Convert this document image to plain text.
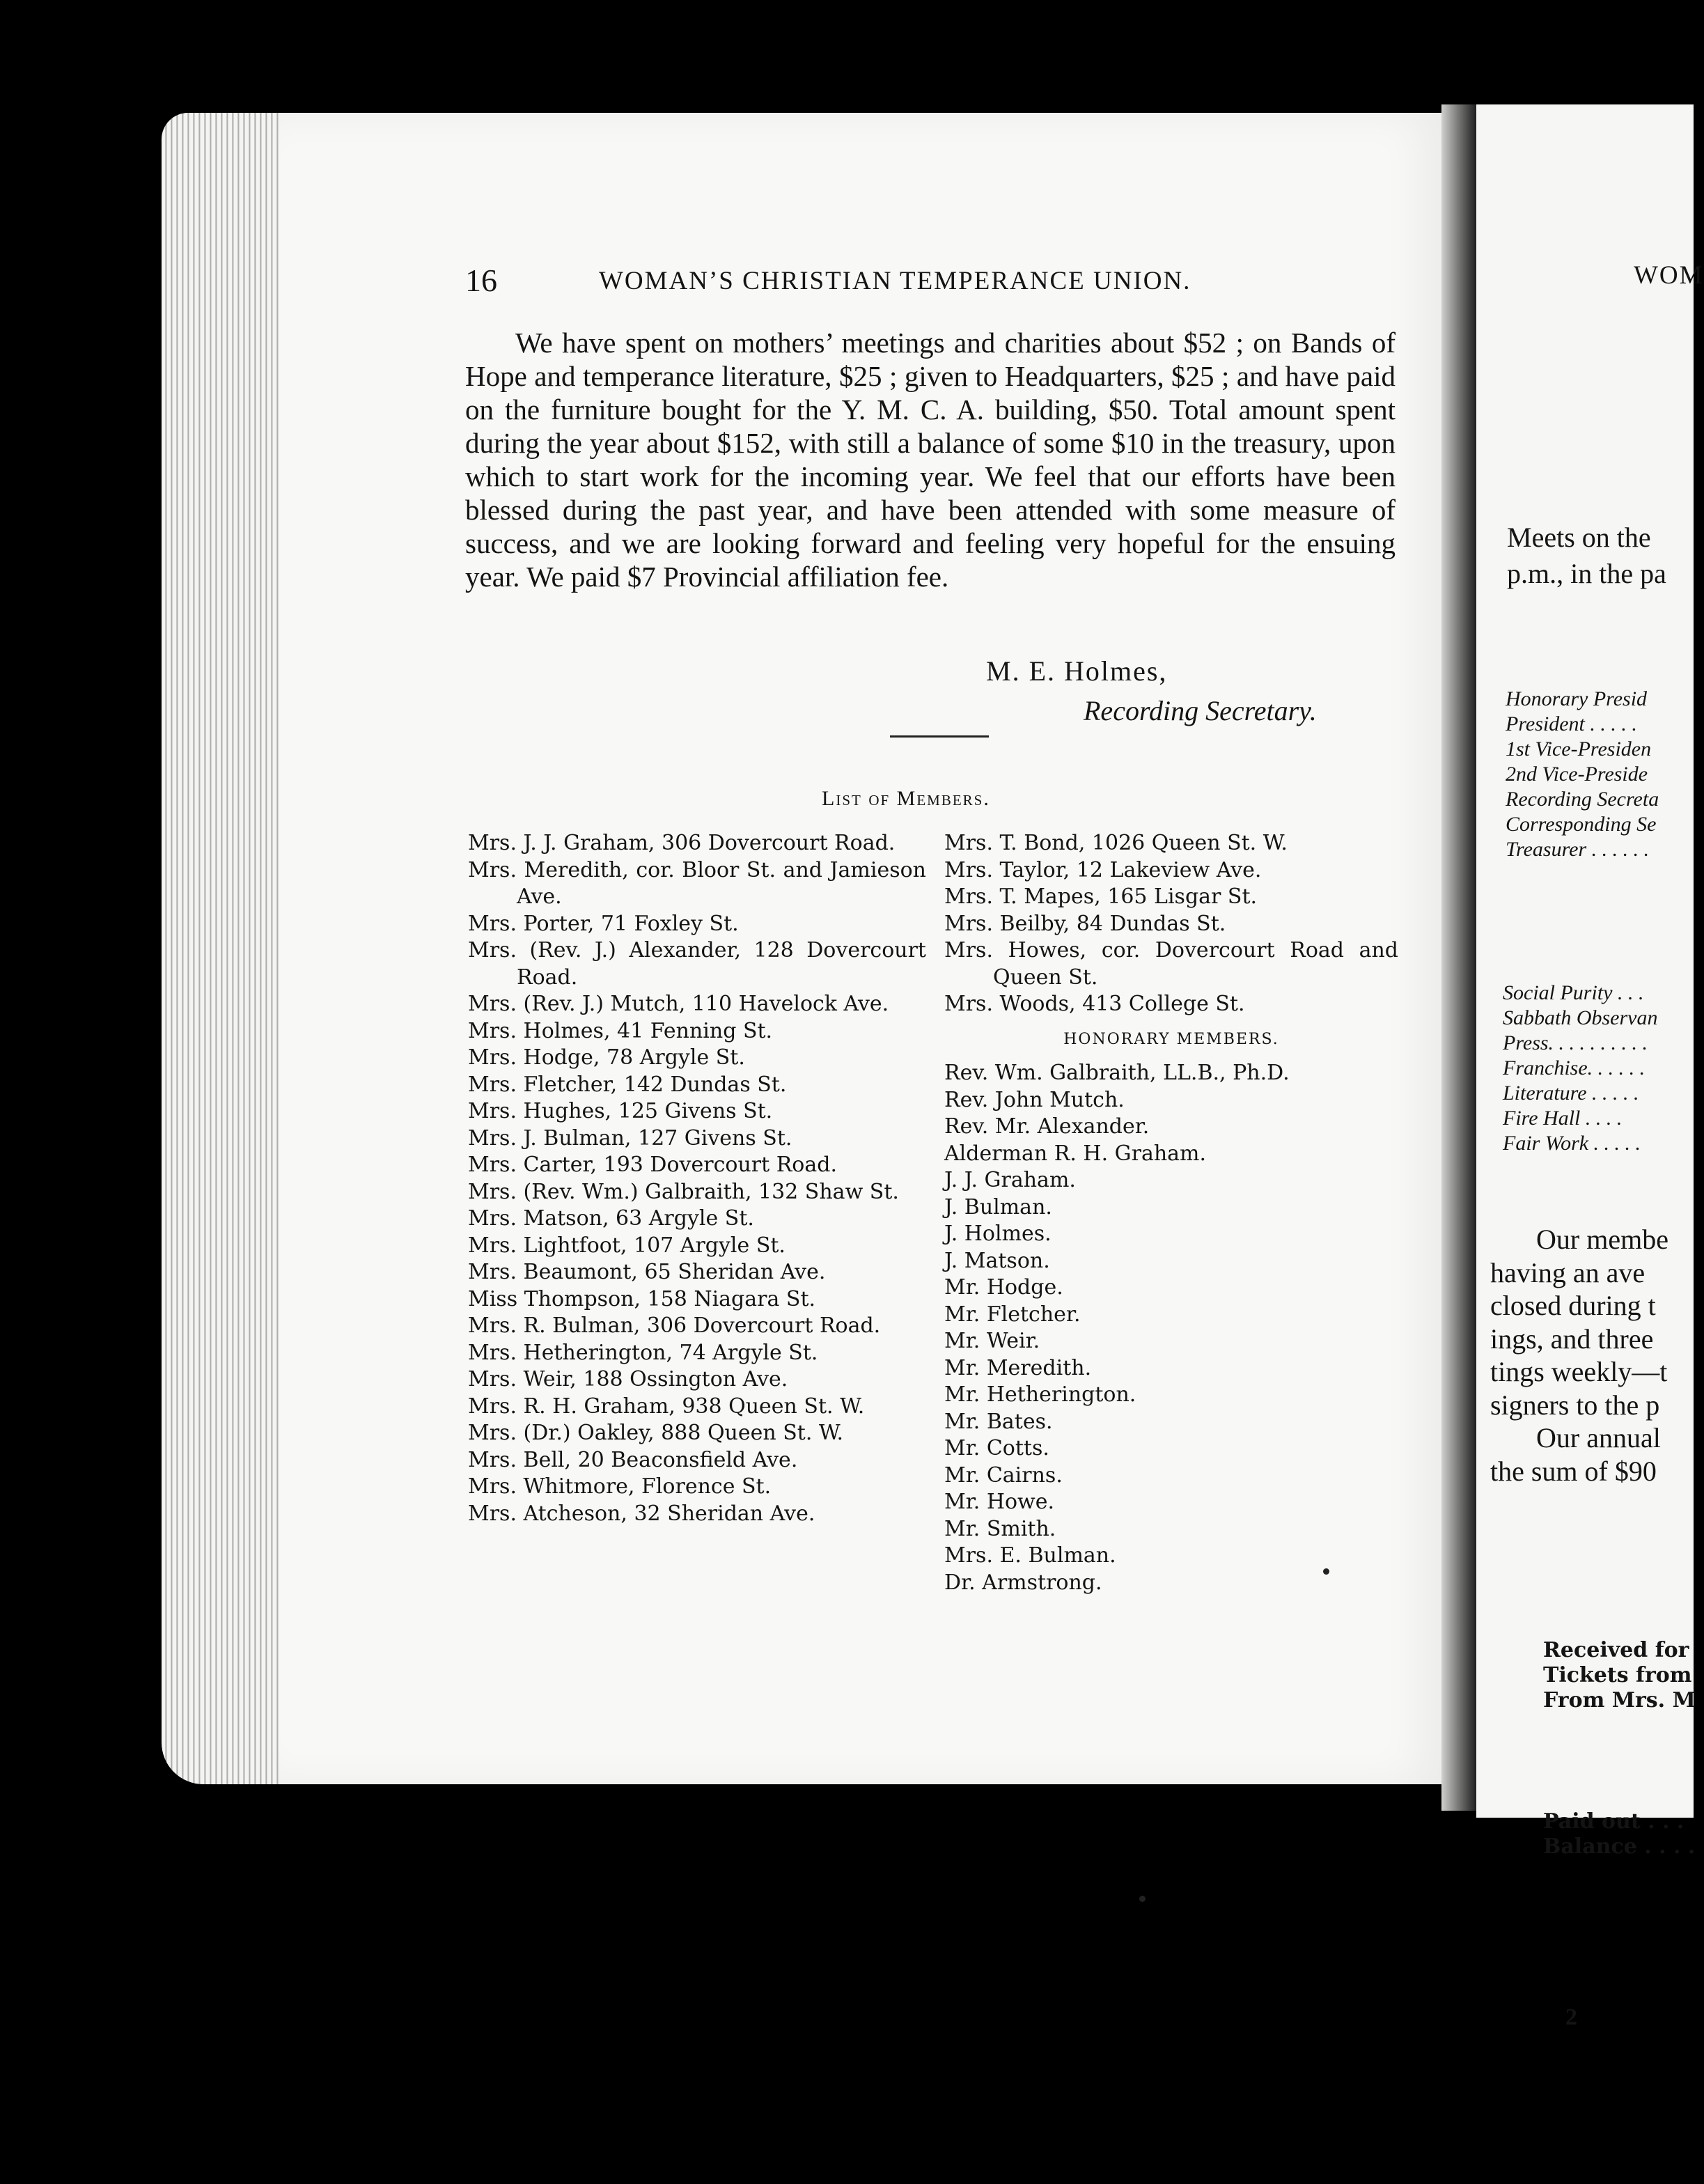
16	WOMAN’S CHRISTIAN TEMPERANCE UNION.
We have spent on mothers’ meetings and charities about $52 ; on Bands of Hope and temperance literature, $25 ; given to Headquarters, $25 ; and have paid on the furniture bought for the Y. M. C. A. building, $50. Total amount spent during the year about $152, with still a balance of some $10 in the treasury, upon which to start work for the incoming year. We feel that our efforts have been blessed during the past year, and have been attended with some measure of success, and we are looking forward and feeling very hopeful for the ensuing year. We paid $7 Provincial affiliation fee.
M. E. Holmes,
Recording Secretary.
List of Members.
Mrs. J. J. Graham, 306 Dovercourt Road.
Mrs. Meredith, cor. Bloor St. and Jamieson Ave.
Mrs. Porter, 71 Foxley St.
Mrs. (Rev. J.) Alexander, 128 Dovercourt Road.
Mrs. (Rev. J.) Mutch, 110 Havelock Ave.
Mrs. Holmes, 41 Fenning St.
Mrs. Hodge, 78 Argyle St.
Mrs. Fletcher, 142 Dundas St.
Mrs. Hughes, 125 Givens St.
Mrs. J. Bulman, 127 Givens St.
Mrs. Carter, 193 Dovercourt Road.
Mrs. (Rev. Wm.) Galbraith, 132 Shaw St.
Mrs. Matson, 63 Argyle St.
Mrs. Lightfoot, 107 Argyle St.
Mrs. Beaumont, 65 Sheridan Ave.
Miss Thompson, 158 Niagara St.
Mrs. R. Bulman, 306 Dovercourt Road.
Mrs. Hetherington, 74 Argyle St.
Mrs. Weir, 188 Ossington Ave.
Mrs. R. H. Graham, 938 Queen St. W.
Mrs. (Dr.) Oakley, 888 Queen St. W.
Mrs. Bell, 20 Beaconsfield Ave.
Mrs. Whitmore, Florence St.
Mrs. Atcheson, 32 Sheridan Ave.
Mrs. T. Bond, 1026 Queen St. W.
Mrs. Taylor, 12 Lakeview Ave.
Mrs. T. Mapes, 165 Lisgar St.
Mrs. Beilby, 84 Dundas St.
Mrs. Howes, cor. Dovercourt Road and Queen St.
Mrs. Woods, 413 College St.
HONORARY MEMBERS.
Rev. Wm. Galbraith, LL.B., Ph.D.
Rev. John Mutch.
Rev. Mr. Alexander.
Alderman R. H. Graham.
J. J. Graham.
J. Bulman.
J. Holmes.
J. Matson.
Mr. Hodge.
Mr. Fletcher.
Mr. Weir.
Mr. Meredith.
Mr. Hetherington.
Mr. Bates.
Mr. Cotts.
Mr. Cairns.
Mr. Howe.
Mr. Smith.
Mrs. E. Bulman.
Dr. Armstrong.
WOM
Meets on the
p.m., in the pa
Honorary Presid
President . . . . .
1st Vice-Presiden
2nd Vice-Preside
Recording Secreta
Corresponding Se
Treasurer . . . . . .
Social Purity . . .
Sabbath Observan
Press. . . . . . . . . .
Franchise. . . . . .
Literature . . . . .
Fire Hall . . . .
Fair Work . . . . .
Our membe
having an ave
closed during t
ings, and three
tings weekly—t
signers to the p
Our annual
the sum of $90
Received for
Tickets from
From Mrs. M
Paid out . . .
Balance . . . .
2
